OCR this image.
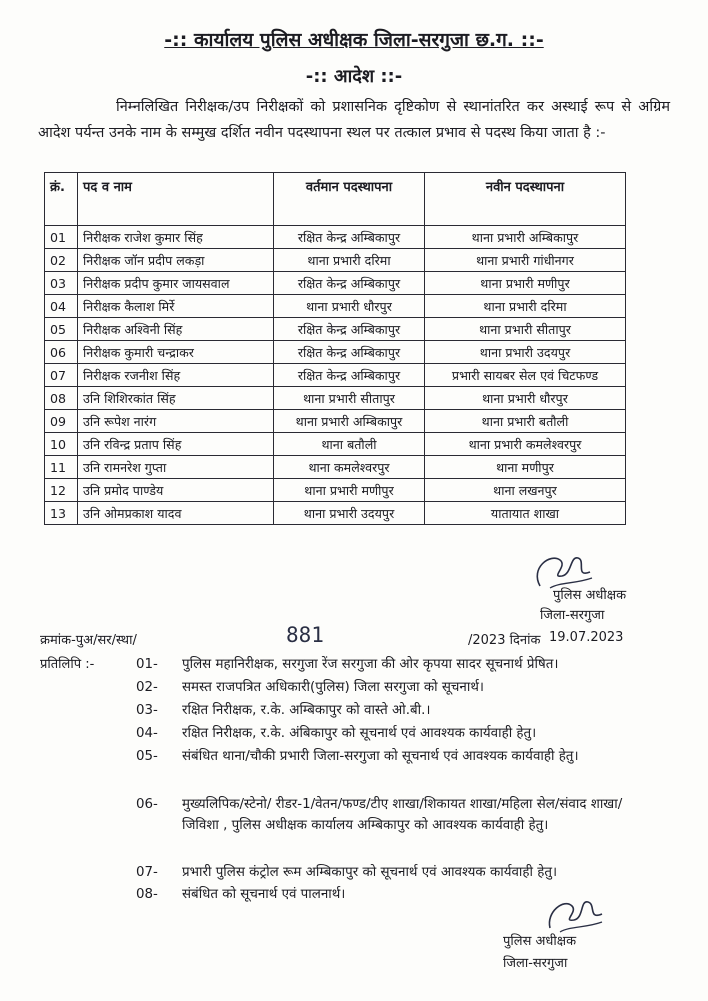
-:: कार्यालय पुलिस अधीक्षक जिला-सरगुजा छ.ग. ::-
-:: आदेश ::-
निम्नलिखित निरीक्षक/उप निरीक्षकों को प्रशासनिक दृष्टिकोण से स्थानांतरित कर अस्थाई रूप से अग्रिम आदेश पर्यन्त उनके नाम के सम्मुख दर्शित नवीन पदस्थापना स्थल पर तत्काल प्रभाव से पदस्थ किया जाता है :-
क्रं.	पद व नाम	वर्तमान पदस्थापना	नवीन पदस्थापना
01	निरीक्षक राजेश कुमार सिंह	रक्षित केन्द्र अम्बिकापुर	थाना प्रभारी अम्बिकापुर
02	निरीक्षक जॉन प्रदीप लकड़ा	थाना प्रभारी दरिमा	थाना प्रभारी गांधीनगर
03	निरीक्षक प्रदीप कुमार जायसवाल	रक्षित केन्द्र अम्बिकापुर	थाना प्रभारी मणीपुर
04	निरीक्षक कैलाश मिर्रे	थाना प्रभारी धौरपुर	थाना प्रभारी दरिमा
05	निरीक्षक अश्विनी सिंह	रक्षित केन्द्र अम्बिकापुर	थाना प्रभारी सीतापुर
06	निरीक्षक कुमारी चन्द्राकर	रक्षित केन्द्र अम्बिकापुर	थाना प्रभारी उदयपुर
07	निरीक्षक रजनीश सिंह	रक्षित केन्द्र अम्बिकापुर	प्रभारी सायबर सेल एवं चिटफण्ड
08	उनि शिशिरकांत सिंह	थाना प्रभारी सीतापुर	थाना प्रभारी धौरपुर
09	उनि रूपेश नारंग	थाना प्रभारी अम्बिकापुर	थाना प्रभारी बतौली
10	उनि रविन्द्र प्रताप सिंह	थाना बतौली	थाना प्रभारी कमलेश्वरपुर
11	उनि रामनरेश गुप्ता	थाना कमलेश्वरपुर	थाना मणीपुर
12	उनि प्रमोद पाण्डेय	थाना प्रभारी मणीपुर	थाना लखनपुर
13	उनि ओमप्रकाश यादव	थाना प्रभारी उदयपुर	यातायात शाखा
पुलिस अधीक्षक
जिला-सरगुजा
क्रमांक-पुअ/सर/स्था/	881	/2023 दिनांक 19.07.2023
प्रतिलिपि :-	01-	पुलिस महानिरीक्षक, सरगुजा रेंज सरगुजा की ओर कृपया सादर सूचनार्थ प्रेषित।
02-	समस्त राजपत्रित अधिकारी(पुलिस) जिला सरगुजा को सूचनार्थ।
03-	रक्षित निरीक्षक, र.के. अम्बिकापुर को वास्ते ओ.बी.।
04-	रक्षित निरीक्षक, र.के. अंबिकापुर को सूचनार्थ एवं आवश्यक कार्यवाही हेतु।
05-	संबंधित थाना/चौकी प्रभारी जिला-सरगुजा को सूचनार्थ एवं आवश्यक कार्यवाही हेतु।
06-	मुख्यलिपिक/स्टेनो/ रीडर-1/वेतन/फण्ड/टीए शाखा/शिकायत शाखा/महिला सेल/संवाद शाखा/जिविशा , पुलिस अधीक्षक कार्यालय अम्बिकापुर को आवश्यक कार्यवाही हेतु।
07-	प्रभारी पुलिस कंट्रोल रूम अम्बिकापुर को सूचनार्थ एवं आवश्यक कार्यवाही हेतु।
08-	संबंधित को सूचनार्थ एवं पालनार्थ।
पुलिस अधीक्षक
जिला-सरगुजा
